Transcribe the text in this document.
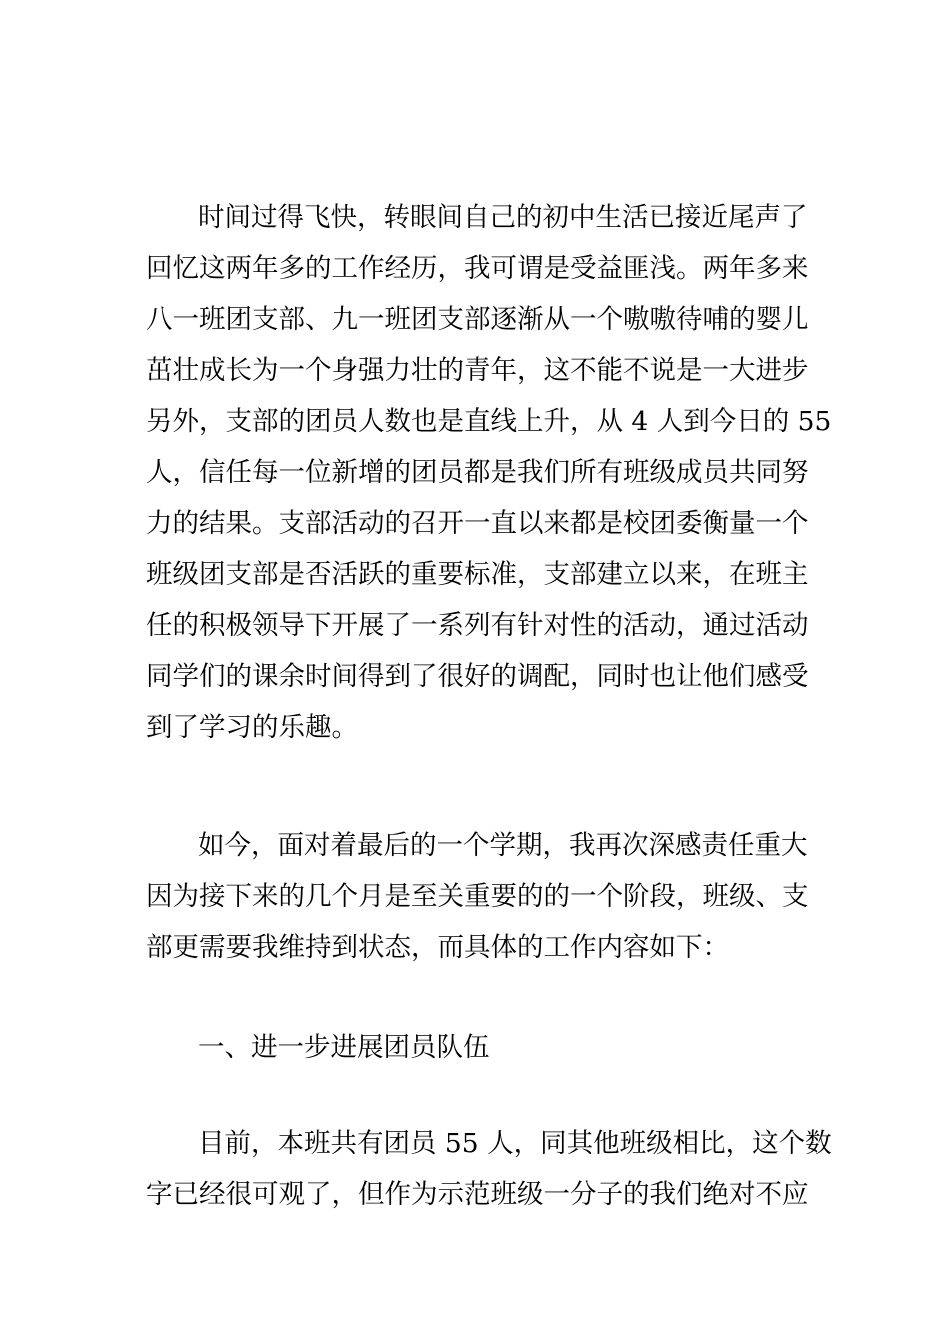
时间过得飞快，转眼间自己的初中生活已接近尾声了
回忆这两年多的工作经历，我可谓是受益匪浅。两年多来
八一班团支部、九一班团支部逐渐从一个嗷嗷待哺的婴儿
茁壮成长为一个身强力壮的青年，这不能不说是一大进步
另外，支部的团员人数也是直线上升，从 4 人到今日的 55
人，信任每一位新增的团员都是我们所有班级成员共同努
力的结果。支部活动的召开一直以来都是校团委衡量一个
班级团支部是否活跃的重要标准，支部建立以来，在班主
任的积极领导下开展了一系列有针对性的活动，通过活动
同学们的课余时间得到了很好的调配，同时也让他们感受
到了学习的乐趣。
如今，面对着最后的一个学期，我再次深感责任重大
因为接下来的几个月是至关重要的的一个阶段，班级、支
部更需要我维持到状态，而具体的工作内容如下：
一、进一步进展团员队伍
目前，本班共有团员 55 人，同其他班级相比，这个数
字已经很可观了，但作为示范班级一分子的我们绝对不应
